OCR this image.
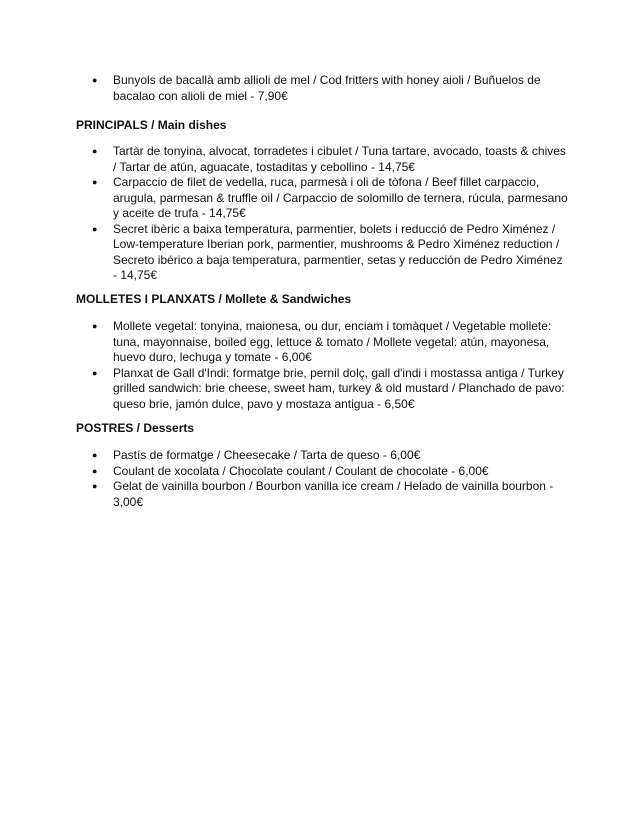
● Bunyols de bacallà amb allioli de mel / Cod fritters with honey aioli / Buñuelos de bacalao con alioli de miel - 7,90€
PRINCIPALS / Main dishes
● Tartàr de tonyina, alvocat, torradetes i cibulet / Tuna tartare, avocado, toasts & chives / Tartar de atún, aguacate, tostaditas y cebollino - 14,75€
● Carpaccio de filet de vedella, ruca, parmesà i oli de tòfona / Beef fillet carpaccio, arugula, parmesan & truffle oil / Carpaccio de solomillo de ternera, rúcula, parmesano y aceite de trufa - 14,75€
● Secret ibèric a baixa temperatura, parmentier, bolets i reducció de Pedro Ximénez / Low-temperature Iberian pork, parmentier, mushrooms & Pedro Ximénez reduction / Secreto ibérico a baja temperatura, parmentier, setas y reducción de Pedro Ximénez - 14,75€
MOLLETES I PLANXATS / Mollete & Sandwiches
● Mollete vegetal: tonyina, maionesa, ou dur, enciam i tomàquet / Vegetable mollete: tuna, mayonnaise, boiled egg, lettuce & tomato / Mollete vegetal: atún, mayonesa, huevo duro, lechuga y tomate - 6,00€
● Planxat de Gall d'Indi: formatge brie, pernil dolç, gall d'indi i mostassa antiga / Turkey grilled sandwich: brie cheese, sweet ham, turkey & old mustard / Planchado de pavo: queso brie, jamón dulce, pavo y mostaza antigua - 6,50€
POSTRES / Desserts
● Pastís de formatge / Cheesecake / Tarta de queso - 6,00€
● Coulant de xocolata / Chocolate coulant / Coulant de chocolate - 6,00€
● Gelat de vainilla bourbon / Bourbon vanilla ice cream / Helado de vainilla bourbon - 3,00€
